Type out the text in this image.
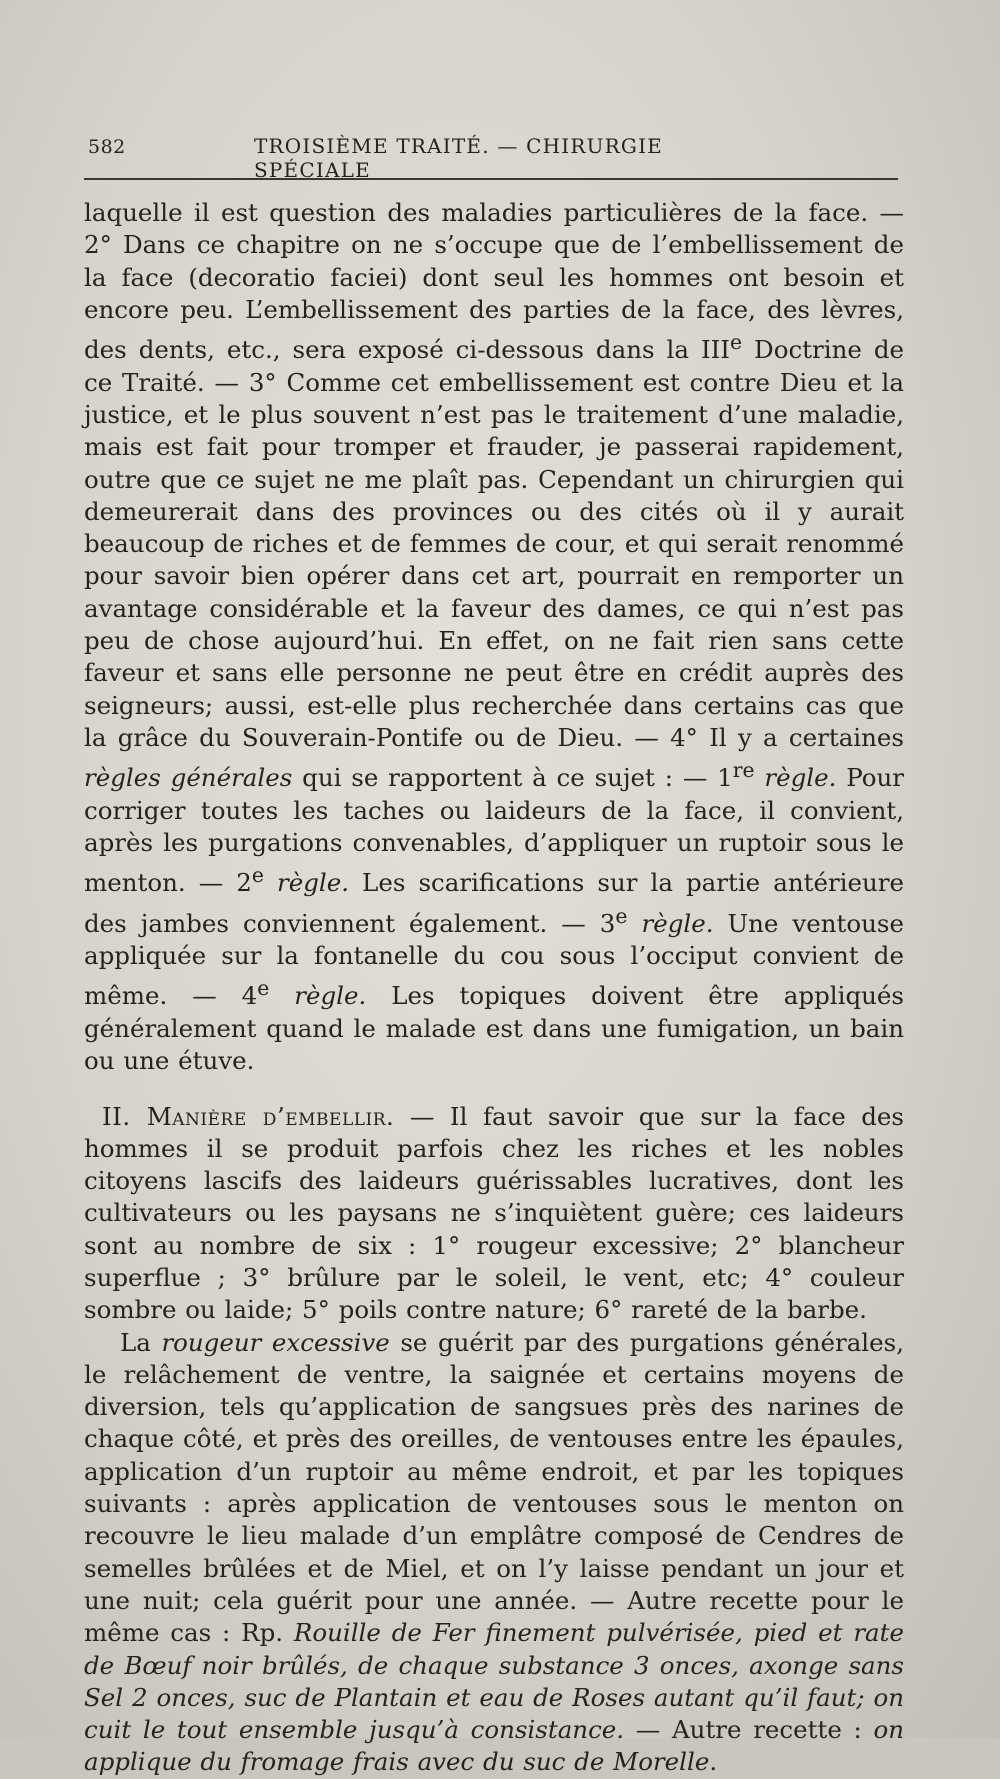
582	TROISIÈME TRAITÉ. — CHIRURGIE SPÉCIALE

laquelle il est question des maladies particulières de la face. — 2° Dans ce chapitre on ne s’occupe que de l’embellissement de la face (decoratio faciei) dont seul les hommes ont besoin et encore peu. L’embellissement des parties de la face, des lèvres, des dents, etc., sera exposé ci-dessous dans la IIIe Doctrine de ce Traité. — 3° Comme cet embellissement est contre Dieu et la justice, et le plus souvent n’est pas le traitement d’une maladie, mais est fait pour tromper et frauder, je passerai rapidement, outre que ce sujet ne me plaît pas. Cependant un chirurgien qui demeurerait dans des provinces ou des cités où il y aurait beaucoup de riches et de femmes de cour, et qui serait renommé pour savoir bien opérer dans cet art, pourrait en remporter un avantage considérable et la faveur des dames, ce qui n’est pas peu de chose aujourd’hui. En effet, on ne fait rien sans cette faveur et sans elle personne ne peut être en crédit auprès des seigneurs; aussi, est-elle plus recherchée dans certains cas que la grâce du Souverain-Pontife ou de Dieu. — 4° Il y a certaines règles générales qui se rapportent à ce sujet : — 1re règle. Pour corriger toutes les taches ou laideurs de la face, il convient, après les purgations convenables, d’appliquer un ruptoir sous le menton. — 2e règle. Les scarifications sur la partie antérieure des jambes conviennent également. — 3e règle. Une ventouse appliquée sur la fontanelle du cou sous l’occiput convient de même. — 4e règle. Les topiques doivent être appliqués généralement quand le malade est dans une fumigation, un bain ou une étuve.

II. Manière d’embellir. — Il faut savoir que sur la face des hommes il se produit parfois chez les riches et les nobles citoyens lascifs des laideurs guérissables lucratives, dont les cultivateurs ou les paysans ne s’inquiètent guère; ces laideurs sont au nombre de six : 1° rougeur excessive; 2° blancheur superflue ; 3° brûlure par le soleil, le vent, etc; 4° couleur sombre ou laide; 5° poils contre nature; 6° rareté de la barbe.

La rougeur excessive se guérit par des purgations générales, le relâchement de ventre, la saignée et certains moyens de diversion, tels qu’application de sangsues près des narines de chaque côté, et près des oreilles, de ventouses entre les épaules, application d’un ruptoir au même endroit, et par les topiques suivants : après application de ventouses sous le menton on recouvre le lieu malade d’un emplâtre composé de Cendres de semelles brûlées et de Miel, et on l’y laisse pendant un jour et une nuit; cela guérit pour une année. — Autre recette pour le même cas : Rp. Rouille de Fer finement pulvérisée, pied et rate de Bœuf noir brûlés, de chaque substance 3 onces, axonge sans Sel 2 onces, suc de Plantain et eau de Roses autant qu’il faut; on cuit le tout ensemble jusqu’à consistance. — Autre recette : on applique du fromage frais avec du suc de Morelle.
